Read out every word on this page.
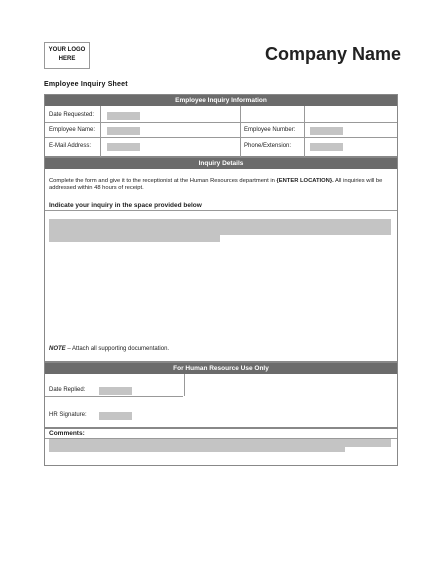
YOUR LOGO
HERE	Company Name
Employee Inquiry Sheet
Employee Inquiry Information
Date Requested:
Employee Name:
E-Mail Address:
Employee Number:
Phone/Extension:
Inquiry Details
Complete the form and give it to the receptionist at the Human Resources department in {ENTER LOCATION}. All inquiries will be addressed within 48 hours of receipt.
Indicate your inquiry in the space provided below
NOTE – Attach all supporting documentation.
For Human Resource Use Only
Date Replied:
HR Signature:
Comments:
